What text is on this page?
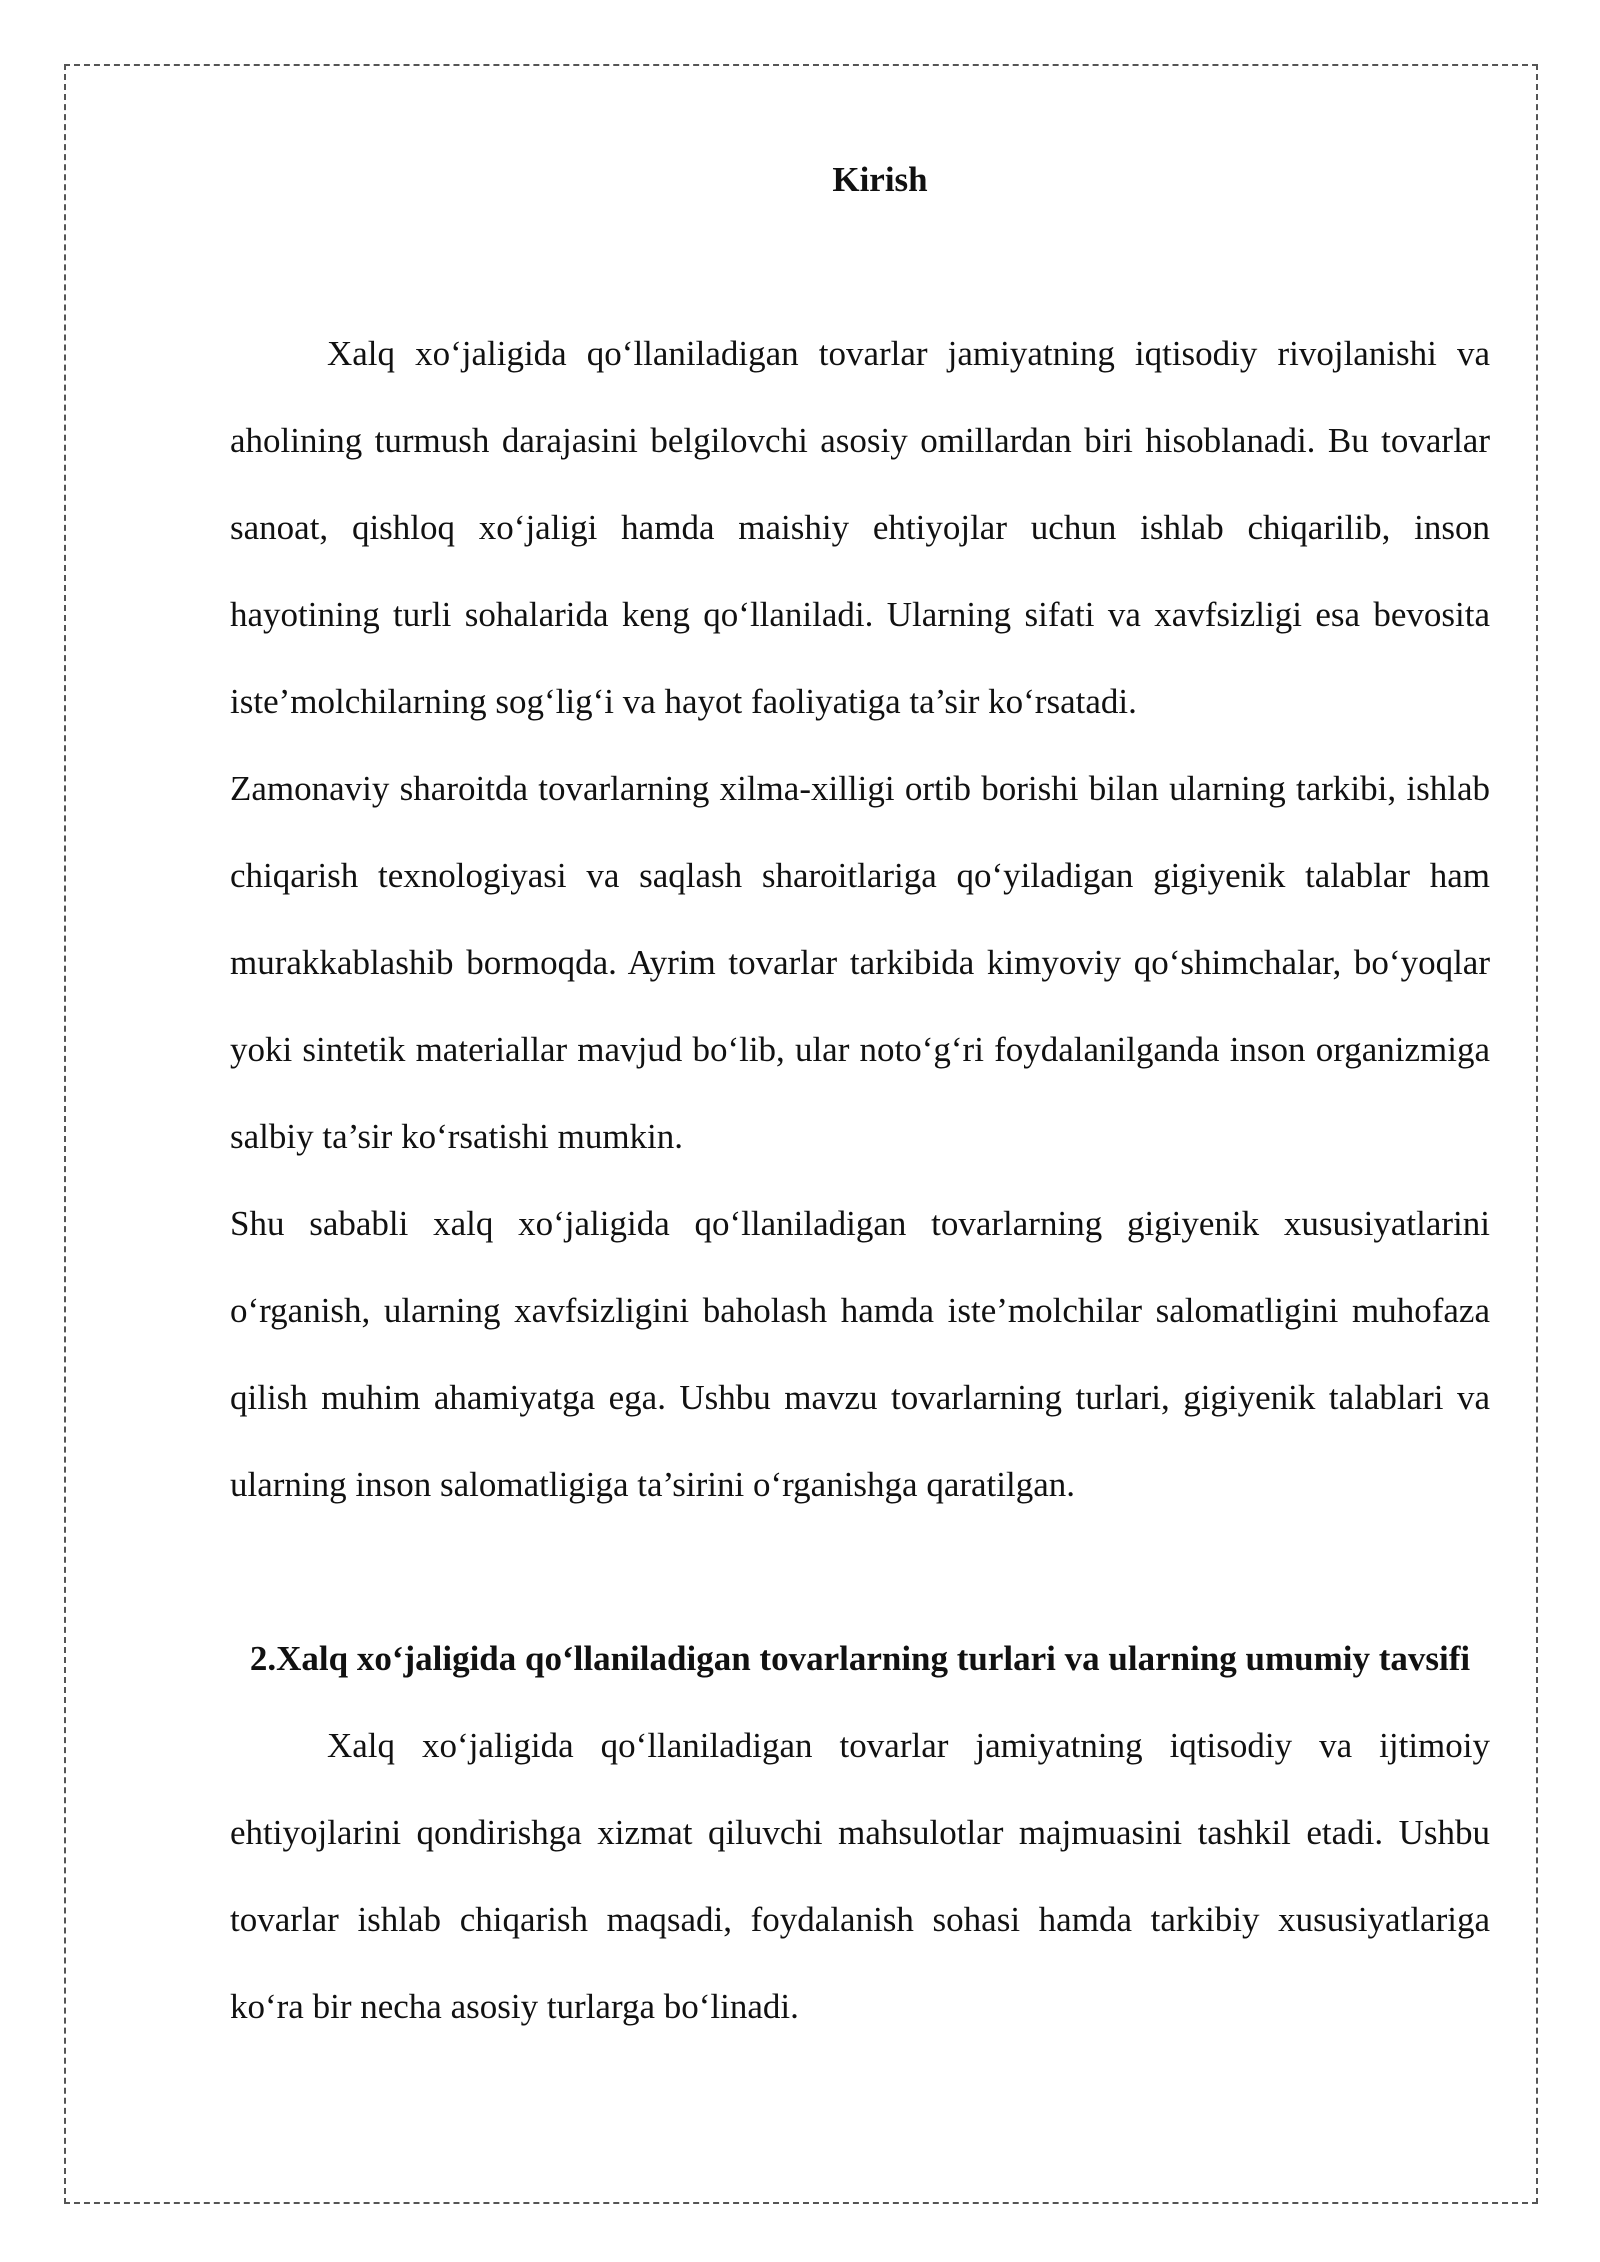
Kirish

Xalq xo‘jaligida qo‘llaniladigan tovarlar jamiyatning iqtisodiy rivojlanishi va aholining turmush darajasini belgilovchi asosiy omillardan biri hisoblanadi. Bu tovarlar sanoat, qishloq xo‘jaligi hamda maishiy ehtiyojlar uchun ishlab chiqarilib, inson hayotining turli sohalarida keng qo‘llaniladi. Ularning sifati va xavfsizligi esa bevosita iste’molchilarning sog‘lig‘i va hayot faoliyatiga ta’sir ko‘rsatadi.

Zamonaviy sharoitda tovarlarning xilma-xilligi ortib borishi bilan ularning tarkibi, ishlab chiqarish texnologiyasi va saqlash sharoitlariga qo‘yiladigan gigiyenik talablar ham murakkablashib bormoqda. Ayrim tovarlar tarkibida kimyoviy qo‘shimchalar, bo‘yoqlar yoki sintetik materiallar mavjud bo‘lib, ular noto‘g‘ri foydalanilganda inson organizmiga salbiy ta’sir ko‘rsatishi mumkin.

Shu sababli xalq xo‘jaligida qo‘llaniladigan tovarlarning gigiyenik xususiyatlarini o‘rganish, ularning xavfsizligini baholash hamda iste’molchilar salomatligini muhofaza qilish muhim ahamiyatga ega. Ushbu mavzu tovarlarning turlari, gigiyenik talablari va ularning inson salomatligiga ta’sirini o‘rganishga qaratilgan.

2.Xalq xo‘jaligida qo‘llaniladigan tovarlarning turlari va ularning umumiy tavsifi

Xalq xo‘jaligida qo‘llaniladigan tovarlar jamiyatning iqtisodiy va ijtimoiy ehtiyojlarini qondirishga xizmat qiluvchi mahsulotlar majmuasini tashkil etadi. Ushbu tovarlar ishlab chiqarish maqsadi, foydalanish sohasi hamda tarkibiy xususiyatlariga ko‘ra bir necha asosiy turlarga bo‘linadi.
